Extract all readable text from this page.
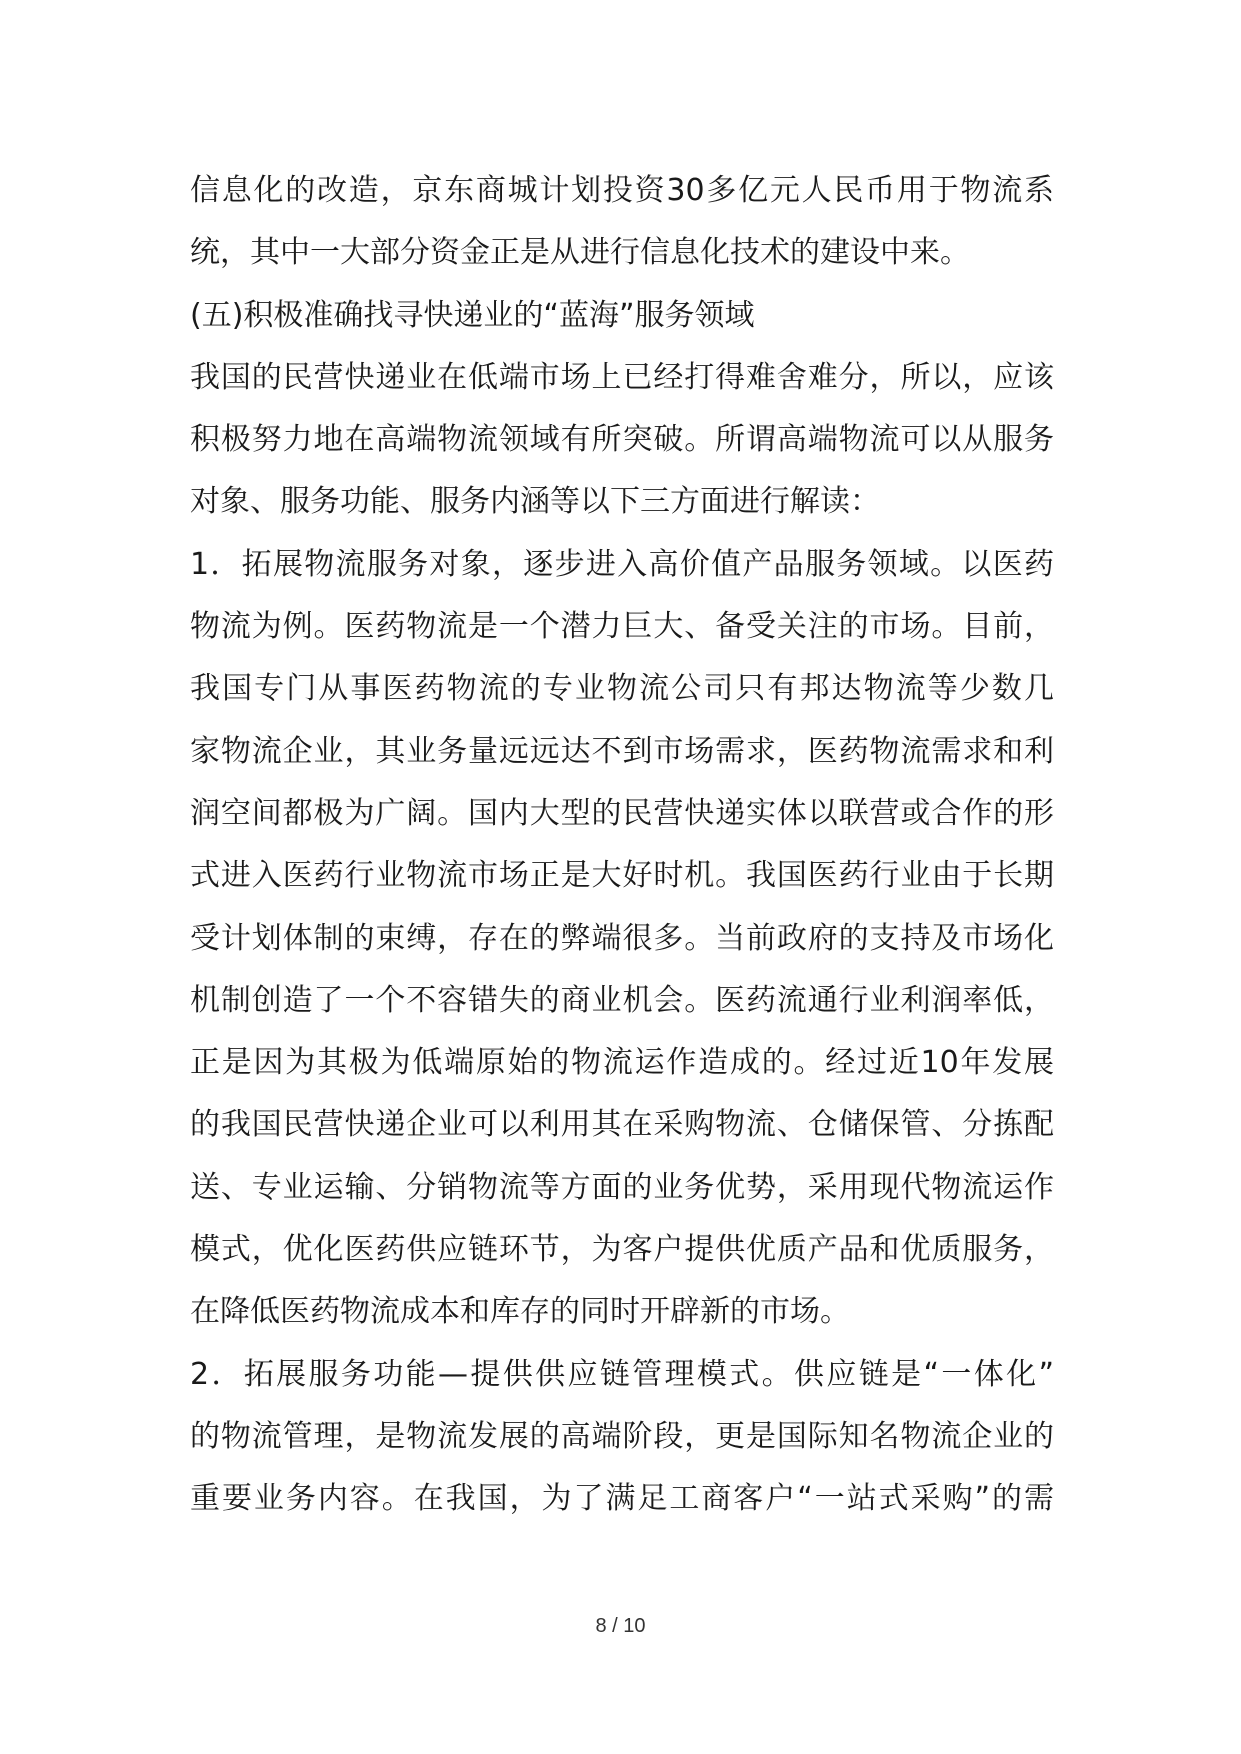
信息化的改造，京东商城计划投资30多亿元人民币用于物流系
统，其中一大部分资金正是从进行信息化技术的建设中来。
(五)积极准确找寻快递业的“蓝海”服务领域
我国的民营快递业在低端市场上已经打得难舍难分，所以，应该
积极努力地在高端物流领域有所突破。所谓高端物流可以从服务
对象、服务功能、服务内涵等以下三方面进行解读：
1．拓展物流服务对象，逐步进入高价值产品服务领域。以医药
物流为例。医药物流是一个潜力巨大、备受关注的市场。目前，
我国专门从事医药物流的专业物流公司只有邦达物流等少数几
家物流企业，其业务量远远达不到市场需求，医药物流需求和利
润空间都极为广阔。国内大型的民营快递实体以联营或合作的形
式进入医药行业物流市场正是大好时机。我国医药行业由于长期
受计划体制的束缚，存在的弊端很多。当前政府的支持及市场化
机制创造了一个不容错失的商业机会。医药流通行业利润率低，
正是因为其极为低端原始的物流运作造成的。经过近10年发展
的我国民营快递企业可以利用其在采购物流、仓储保管、分拣配
送、专业运输、分销物流等方面的业务优势，采用现代物流运作
模式，优化医药供应链环节，为客户提供优质产品和优质服务，
在降低医药物流成本和库存的同时开辟新的市场。
2．拓展服务功能—提供供应链管理模式。供应链是“一体化”
的物流管理，是物流发展的高端阶段，更是国际知名物流企业的
重要业务内容。在我国，为了满足工商客户“一站式采购”的需
8 / 10
